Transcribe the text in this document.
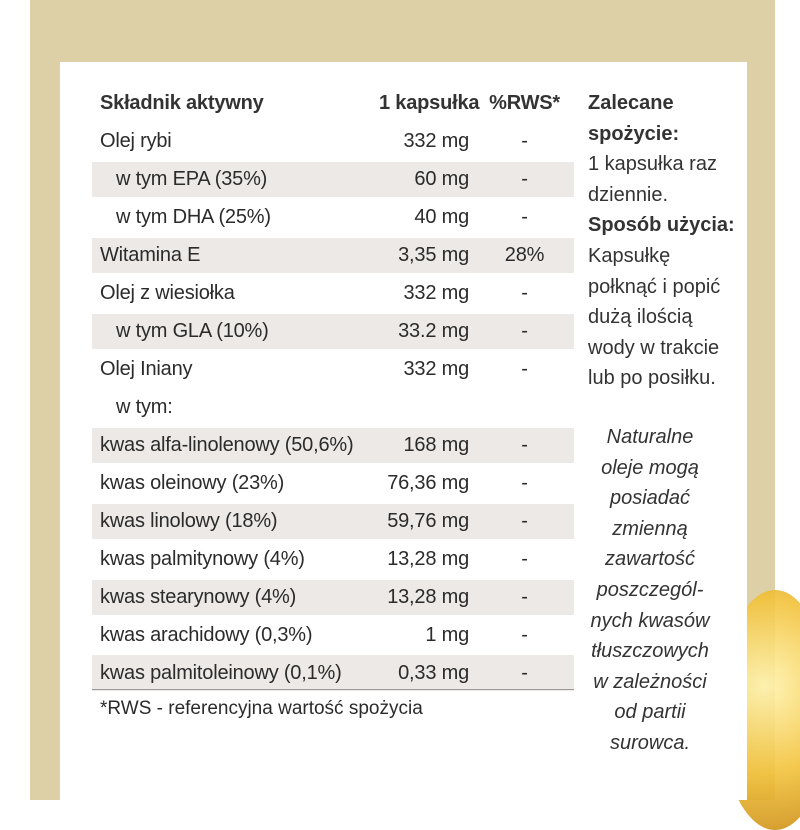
Składnik aktywny	1 kapsułka %RWS*
Olej rybi	332 mg	-
w tym EPA (35%)	60 mg	-
w tym DHA (25%)	40 mg	-
Witamina E	3,35 mg	28%
Olej z wiesiołka	332 mg	-
w tym GLA (10%)	33.2 mg	-
Olej Iniany	332 mg	-
w tym:
kwas alfa-linolenowy (50,6%)	168 mg	-
kwas oleinowy (23%)	76,36 mg	-
kwas linolowy (18%)	59,76 mg	-
kwas palmitynowy (4%)	13,28 mg	-
kwas stearynowy (4%)	13,28 mg	-
kwas arachidowy (0,3%)	1 mg	-
kwas palmitoleinowy (0,1%)	0,33 mg	-
*RWS - referencyjna wartość spożycia
Zalecane
spożycie:
1 kapsułka raz
dziennie.
Sposób użycia:
Kapsułkę
połknąć i popić
dużą ilością
wody w trakcie
lub po posiłku.
Naturalne
oleje mogą
posiadać
zmienną
zawartość
poszczegól-
nych kwasów
tłuszczowych
w zależności
od partii
surowca.
